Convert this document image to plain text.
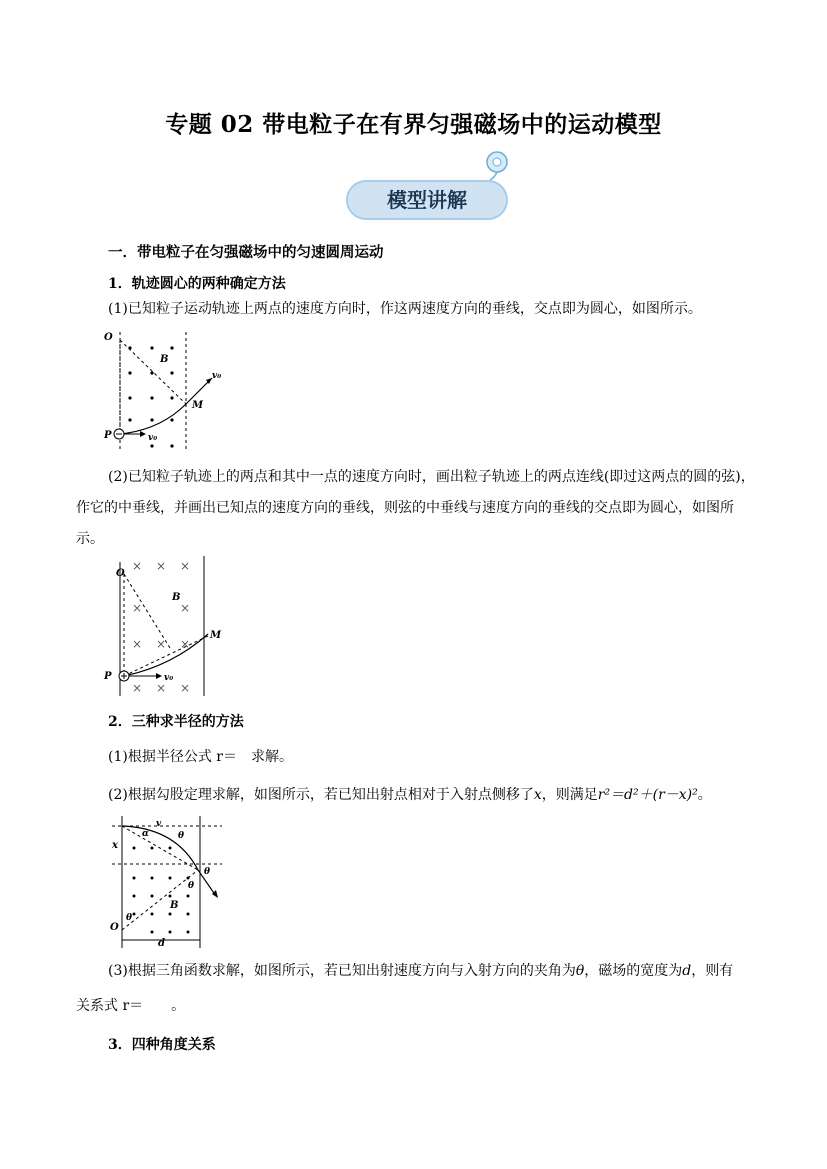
专题 02 带电粒子在有界匀强磁场中的运动模型
模型讲解
一．带电粒子在匀强磁场中的匀速圆周运动
1．轨迹圆心的两种确定方法
(1)已知粒子运动轨迹上两点的速度方向时，作这两速度方向的垂线，交点即为圆心，如图所示。
O
B
v₀
M
P	v₀
(2)已知粒子轨迹上的两点和其中一点的速度方向时，画出粒子轨迹上的两点连线(即过这两点的圆的弦)，作它的中垂线，并画出已知点的速度方向的垂线，则弦的中垂线与速度方向的垂线的交点即为圆心，如图所示。
× × ×
×	×
× × ×
× × ×
O
B
M
P	v₀
2．三种求半径的方法
(1)根据半径公式 r＝　求解。
(2)根据勾股定理求解，如图所示，若已知出射点相对于入射点侧移了x，则满足r²＝d²＋(r－x)²。
v
α	θ
x
θ
θ
θ
B
O
d
(3)根据三角函数求解，如图所示，若已知出射速度方向与入射方向的夹角为θ，磁场的宽度为d，则有
关系式 r＝　　。
3．四种角度关系
